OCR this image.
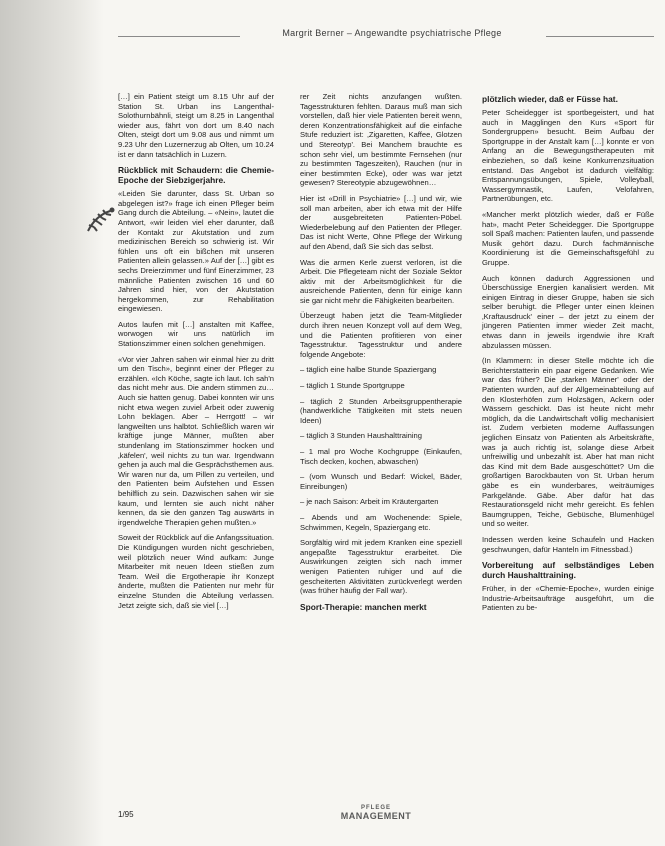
Margrit Berner – Angewandte psychiatrische Pflege

[…] ein Patient steigt um 8.15 Uhr auf der Station St. Urban ins Langenthal-Solothurnbähnli, steigt um 8.25 in Langenthal wieder aus, fährt von dort um 8.40 nach Olten, steigt dort um 9.08 aus und nimmt um 9.23 Uhr den Luzernerzug ab Olten, um 10.24 ist er dann tatsächlich in Luzern.

Rückblick mit Schaudern: die Chemie-Epoche der Siebzigerjahre.

«Leiden Sie darunter, dass St. Urban so abgelegen ist?» frage ich einen Pfleger beim Gang durch die Abteilung. – «Nein», lautet die Antwort, «wir leiden viel eher darunter, daß der Kontakt zur Akutstation und zum medizinischen Bereich so schwierig ist. Wir fühlen uns oft ein bißchen mit unseren Patienten allein gelassen.» Auf der […] gibt es sechs Dreierzimmer und fünf Einerzimmer, 23 männliche Patienten zwischen 16 und 60 Jahren sind hier, von der Akutstation hergekommen, zur Rehabilitation eingewiesen.

Autos laufen mit […] anstalten mit Kaffee, worwogen wir uns natürlich im Stationszimmer einen solchen genehmigen.

«Vor vier Jahren sahen wir einmal hier zu dritt um den Tisch», beginnt einer der Pfleger zu erzählen. «Ich Köche, sagte ich laut. Ich sah'n das nicht mehr aus. Die andern stimmen zu… Auch sie hatten genug. Dabei konnten wir uns nicht etwa wegen zuviel Arbeit oder zuwenig Lohn beklagen. Aber – Herrgott! – wir langweilten uns halbtot. Schließlich waren wir kräftige junge Männer, mußten aber stundenlang im Stationszimmer hocken und ‚käfelen', weil nichts zu tun war. Irgendwann gehen ja auch mal die Gesprächsthemen aus. Wir waren nur da, um Pillen zu verteilen, und den Patienten beim Aufstehen und Essen behilflich zu sein. Dazwischen sahen wir sie kaum, und lernten sie auch nicht näher kennen, da sie den ganzen Tag auswärts in irgendwelche Therapien gehen mußten.»

Soweit der Rückblick auf die Anfangssituation. Die Kündigungen wurden nicht geschrieben, weil plötzlich neuer Wind aufkam: Junge Mitarbeiter mit neuen Ideen stießen zum Team. Weil die Ergotherapie ihr Konzept änderte, mußten die Patienten nur mehr für einzelne Stunden die Abteilung verlassen. Jetzt zeigte sich, daß sie viel […]

rer Zeit nichts anzufangen wußten. Tagesstrukturen fehlten. Daraus muß man sich vorstellen, daß hier viele Patienten bereit wenn, deren Konzentrationsfähigkeit auf die einfache Stufe reduziert ist: ‚Zigaretten, Kaffee, Glotzen und Stereotyp'. Bei Manchem brauchte es schon sehr viel, um bestimmte Fernsehen (nur zu bestimmten Tageszeiten), Rauchen (nur in einer bestimmten Ecke), oder was war jetzt gewesen? Stereotypie abzugewöhnen…

Hier ist «Drill in Psychiatrie» […] und wir, wie soll man arbeiten, aber ich etwa mit der Hilfe der ausgebreiteten Patienten-Pöbel. Wiederbelebung auf den Patienten der Pfleger. Das ist nicht Werte, Ohne Pflege der Wirkung auf den Abend, daß Sie sich das selbst.

Was die armen Kerle zuerst verloren, ist die Arbeit. Die Pflegeteam nicht der Soziale Sektor aktiv mit der Arbeitsmöglichkeit für die ausreichende Patienten, denn für einige kann sie gar nicht mehr die Fähigkeiten bearbeiten.

Überzeugt haben jetzt die Team-Mitglieder durch ihren neuen Konzept voll auf dem Weg, und die Patienten profitieren von einer Tagesstruktur. Tagesstruktur und andere folgende Angebote:

– täglich eine halbe Stunde Spaziergang

– täglich 1 Stunde Sportgruppe

– täglich 2 Stunden Arbeitsgruppentherapie (handwerkliche Tätigkeiten mit stets neuen Ideen)

– täglich 3 Stunden Haushalttraining

– 1 mal pro Woche Kochgruppe (Einkaufen, Tisch decken, kochen, abwaschen)

– (vom Wunsch und Bedarf: Wickel, Bäder, Einreibungen)

– je nach Saison: Arbeit im Kräutergarten

– Abends und am Wochenende: Spiele, Schwimmen, Kegeln, Spaziergang etc.

Sorgfältig wird mit jedem Kranken eine speziell angepaßte Tagesstruktur erarbeitet. Die Auswirkungen zeigten sich nach immer wenigen Patienten ruhiger und auf die gescheiterten Aktivitäten zurückverlegt werden (was früher häufig der Fall war).

Sport-Therapie: manchen merkt
plötzlich wieder, daß er Füsse hat.

Peter Scheidegger ist sportbegeistert, und hat auch in Magglingen den Kurs «Sport für Sondergruppen» besucht. Beim Aufbau der Sportgruppe in der Anstalt kam […] konnte er von Anfang an die Bewegungstherapeuten mit einbeziehen, so daß keine Konkurrenzsituation entstand. Das Angebot ist dadurch vielfältig: Entspannungsübungen, Spiele, Volleyball, Wassergymnastik, Laufen, Velofahren, Partnerübungen, etc.

«Mancher merkt plötzlich wieder, daß er Füße hat», macht Peter Scheidegger. Die Sportgruppe soll Spaß machen: Patienten laufen, und passende Musik gehört dazu. Durch fachmännische Koordinierung ist die Gemeinschaftsgefühl zu Gruppe.

Auch können dadurch Aggressionen und Überschüssige Energien kanalisiert werden. Mit einigen Eintrag in dieser Gruppe, haben sie sich selber beruhigt. die Pfleger unter einen kleinen ‚Kraftausdruck' einer – der jetzt zu einem der jüngeren Patienten immer wieder Zeit macht, etwas dann in jeweils irgendwie ihre Kraft abzulassen müssen.

(In Klammern: in dieser Stelle möchte ich die Berichterstatterin ein paar eigene Gedanken. Wie war das früher? Die ‚starken Männer' oder der Patienten wurden, auf der Allgemeinabteilung auf den Klosterhöfen zum Holzsägen, Ackern oder Wässern geschickt. Das ist heute nicht mehr möglich, da die Landwirtschaft völlig mechanisiert ist. Zudem verbieten moderne Auffassungen jeglichen Einsatz von Patienten als Arbeitskräfte, was ja auch richtig ist, solange diese Arbeit unfreiwillig und unbezahlt ist. Aber hat man nicht das Kind mit dem Bade ausgeschüttet? Um die großartigen Barockbauten von St. Urban herum gäbe es ein wunderbares, weiträumiges Parkgelände. Gäbe. Aber dafür hat das Restaurationsgeld nicht mehr gereicht. Es fehlen Baumgruppen, Teiche, Gebüsche, Blumenhügel und so weiter.

Indessen werden keine Schaufeln und Hacken geschwungen, dafür Hanteln im Fitnessbad.)

Vorbereitung auf selbständiges Leben durch Haushalttraining.

Früher, in der «Chemie-Epoche», wurden einige Industrie-Arbeitsaufträge ausgeführt, um die Patienten zu be-

1/95
PFLEGE
MANAGEMENT
